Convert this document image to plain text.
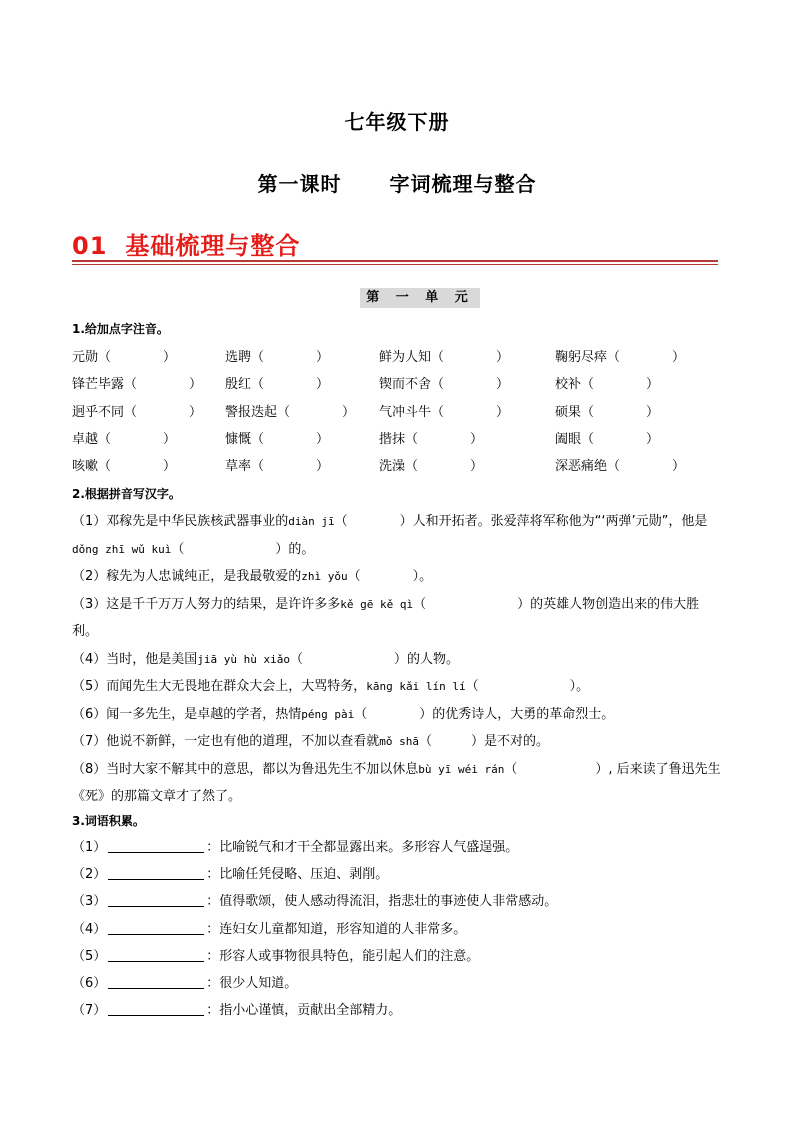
七年级下册
第一课时 字词梳理与整合
01 基础梳理与整合
第 一 单 元
1.给加点字注音。
元勋（　　　　）	选聘（　　　　）	鲜为人知（　　　　）	鞠躬尽瘁（　　　　）
锋芒毕露（　　　　） 殷红（　　　　）	锲而不舍（　　　　）	校补（　　　　）
迥乎不同（　　　　） 警报迭起（　　　　） 气冲斗牛（　　　　）	硕果（　　　　）
卓越（　　　　）	慷慨（　　　　）	揩抹（　　　　）	阖眼（　　　　）
咳嗽（　　　　）	草率（　　　　）	洗澡（　　　　）	深恶痛绝（　　　　）
2.根据拼音写汉字。
（1）邓稼先是中华民族核武器事业的diàn jī（　　　　）人和开拓者。张爱萍将军称他为“‘两弹’元勋”，他是dǒng zhī wǔ kuì（　　　　　　　）的。
（2）稼先为人忠诚纯正，是我最敬爱的zhì yǒu（　　　　）。
（3）这是千千万万人努力的结果，是许许多多kě gē kě qì（　　　　　　　）的英雄人物创造出来的伟大胜利。
（4）当时，他是美国jiā yù hù xiǎo（　　　　　　　）的人物。
（5）而闻先生大无畏地在群众大会上，大骂特务，kāng kǎi lín lí（　　　　　　　）。
（6）闻一多先生，是卓越的学者，热情péng pài（　　　　）的优秀诗人，大勇的革命烈士。
（7）他说不新鲜，一定也有他的道理，不加以查看就mǒ shā（　　　）是不对的。
（8）当时大家不解其中的意思，都以为鲁迅先生不加以休息bù yī wéi rán（　　　　　　）, 后来读了鲁迅先生《死》的那篇文章才了然了。
3.词语积累。
（1）	：比喻锐气和才干全都显露出来。多形容人气盛逞强。
（2）	：比喻任凭侵略、压迫、剥削。
（3）	：值得歌颂，使人感动得流泪，指悲壮的事迹使人非常感动。
（4）	：连妇女儿童都知道，形容知道的人非常多。
（5）	：形容人或事物很具特色，能引起人们的注意。
（6）	：很少人知道。
（7）	：指小心谨慎，贡献出全部精力。
